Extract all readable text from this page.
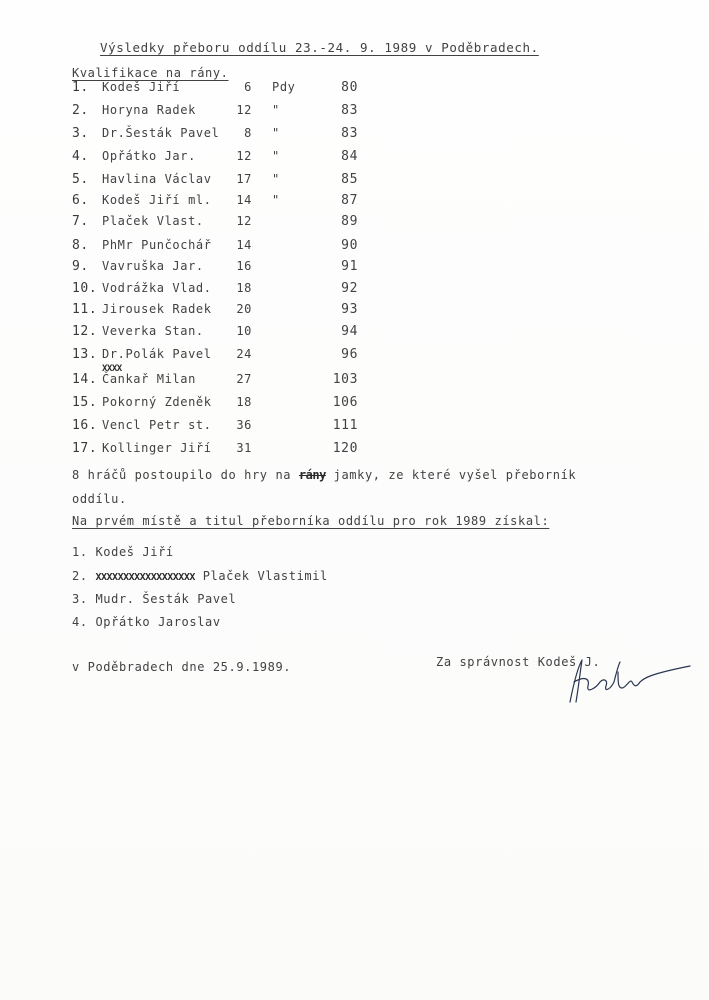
Výsledky přeboru oddílu 23.-24. 9. 1989 v Poděbradech.
Kvalifikace na rány.
1. Kodeš Jiří	6 Pdy	80
2. Horyna Radek	12 "	83
3. Dr.Šesták Pavel	8 "	83
4. Opřátko Jar.	12 "	84
5. Havlina Václav	17 "	85
6. Kodeš Jiří ml.	14 "	87
7. Plaček Vlast.	12	89
8. PhMr Punčochář	14	90
9. Vavruška Jar.	16	91
10. Vodrážka Vlad.	18	92
11. Jirousek Radek	20	93
12. Veverka Stan.	10	94
13. Dr.Polák Pavel	24	96
14. Čankař Milan	27	103
15. Pokorný Zdeněk	18	106
16. Vencl Petr st.	36	111
17. Kollinger Jiří	31	120
XXXX
8 hráčů postoupilo do hry na rány jamky, ze které vyšel přeborník
oddílu.
Na prvém místě a titul přeborníka oddílu pro rok 1989 získal:
1. Kodeš Jiří
2. XXXXXXXXXXXXXXXXXX Plaček Vlastimil
3. Mudr. Šesták Pavel
4. Opřátko Jaroslav
v Poděbradech dne 25.9.1989.	Za správnost Kodeš J.
